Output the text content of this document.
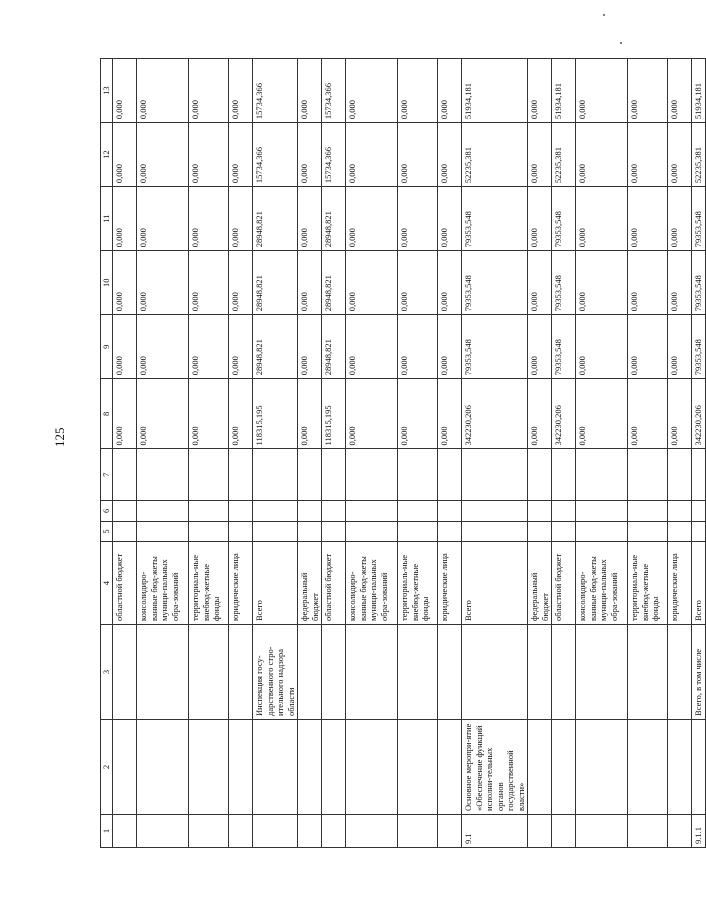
125
1	2	3	4	5	6	7	8	9	10	11	12	13
			областной бюджет				0,000	0,000	0,000	0,000	0,000	0,000
			консолидиро-ванные бюд-жеты муници-пальных обра-зований				0,000	0,000	0,000	0,000	0,000	0,000
			территориаль-ные внебюд-жетные фонды				0,000	0,000	0,000	0,000	0,000	0,000
			юридические лица				0,000	0,000	0,000	0,000	0,000	0,000
		Инспекция госу-дарственного стро-ительного надзора области	Всего				118315,195	28948,821	28948,821	28948,821	15734,366	15734,366
			федеральный бюджет				0,000	0,000	0,000	0,000	0,000	0,000
			областной бюджет				118315,195	28948,821	28948,821	28948,821	15734,366	15734,366
			консолидиро-ванные бюд-жеты муници-пальных обра-зований				0,000	0,000	0,000	0,000	0,000	0,000
			территориаль-ные внебюд-жетные фонды				0,000	0,000	0,000	0,000	0,000	0,000
			юридические лица				0,000	0,000	0,000	0,000	0,000	0,000
9.1	Основное меропри-ятие «Обеспечение функций исполни-тельных органов государственной власти»		Всего				342230,206	79353,548	79353,548	79353,548	52235,381	51934,181
			федеральный бюджет				0,000	0,000	0,000	0,000	0,000	0,000
			областной бюджет				342230,206	79353,548	79353,548	79353,548	52235,381	51934,181
			консолидиро-ванные бюд-жеты муници-пальных обра-зований				0,000	0,000	0,000	0,000	0,000	0,000
			территориаль-ные внебюд-жетные фонды				0,000	0,000	0,000	0,000	0,000	0,000
			юридические лица				0,000	0,000	0,000	0,000	0,000	0,000
9.1.1		Всего, в том числе	Всего				342230,206	79353,548	79353,548	79353,548	52235,381	51934,181
